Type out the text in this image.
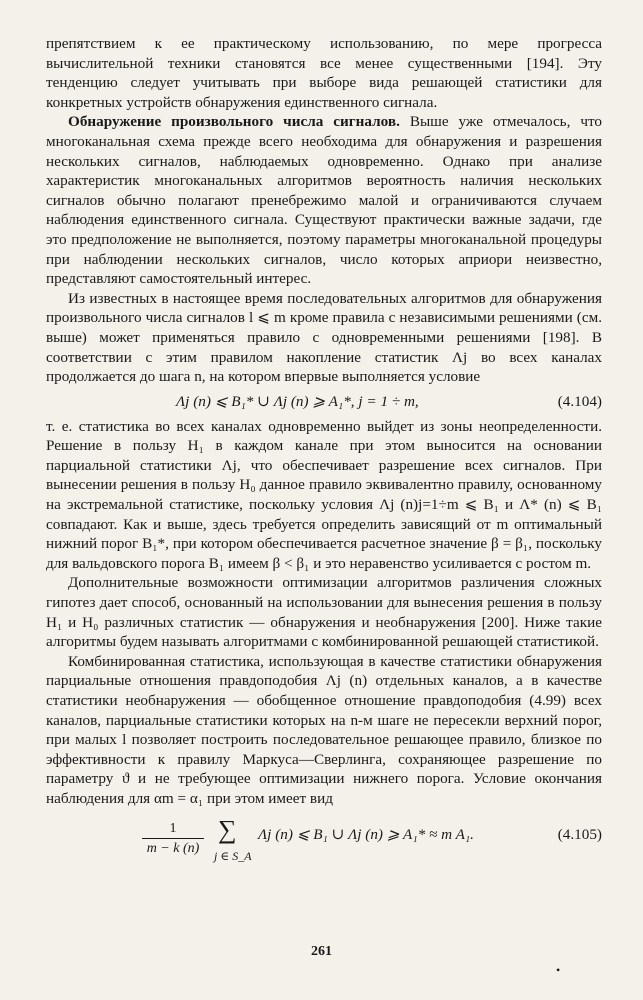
препятствием к ее практическому использованию, по мере прогресса вычислительной техники становятся все менее существенными [194]. Эту тенденцию следует учитывать при выборе вида решающей статистики для конкретных устройств обнаружения единственного сигнала.

Обнаружение произвольного числа сигналов. Выше уже отмечалось, что многоканальная схема прежде всего необходима для обнаружения и разрешения нескольких сигналов, наблюдаемых одновременно. Однако при анализе характеристик многоканальных алгоритмов вероятность наличия нескольких сигналов обычно полагают пренебрежимо малой и ограничиваются случаем наблюдения единственного сигнала. Существуют практически важные задачи, где это предположение не выполняется, поэтому параметры многоканальной процедуры при наблюдении нескольких сигналов, число которых априори неизвестно, представляют самостоятельный интерес.

Из известных в настоящее время последовательных алгоритмов для обнаружения произвольного числа сигналов l ⩽ m кроме правила с независимыми решениями (см. выше) может применяться правило с одновременными решениями [198]. В соответствии с этим правилом накопление статистик Λj во всех каналах продолжается до шага n, на котором впервые выполняется условие

Λj (n) ⩽ B₁* ∪ Λj (n) ⩾ A₁*, j = 1 ÷ m,	(4.104)

т. е. статистика во всех каналах одновременно выйдет из зоны неопределенности. Решение в пользу H₁ в каждом канале при этом выносится на основании парциальной статистики Λj, что обеспечивает разрешение всех сигналов. При вынесении решения в пользу H₀ данное правило эквивалентно правилу, основанному на экстремальной статистике, поскольку условия Λj (n)j=1÷m ⩽ B₁ и Λ* (n) ⩽ B₁ совпадают. Как и выше, здесь требуется определить зависящий от m оптимальный нижний порог B₁*, при котором обеспечивается расчетное значение β = β₁, поскольку для вальдовского порога B₁ имеем β < β₁ и это неравенство усиливается с ростом m.

Дополнительные возможности оптимизации алгоритмов различения сложных гипотез дает способ, основанный на использовании для вынесения решения в пользу H₁ и H₀ различных статистик — обнаружения и необнаружения [200]. Ниже такие алгоритмы будем называть алгоритмами с комбинированной решающей статистикой.

Комбинированная статистика, использующая в качестве статистики обнаружения парциальные отношения правдоподобия Λj (n) отдельных каналов, а в качестве статистики необнаружения — обобщенное отношение правдоподобия (4.99) всех каналов, парциальные статистики которых на n-м шаге не пересекли верхний порог, при малых l позволяет построить последовательное решающее правило, близкое по эффективности к правилу Маркуса—Сверлинга, сохраняющее разрешение по параметру ϑ и не требующее оптимизации нижнего порога. Условие окончания наблюдения для αm = α₁ при этом имеет вид

$\frac{1}{m - k (n)}$ ∑
j ∈ S_A
Λj (n) ⩽ B₁ ∪ Λj (n) ⩾ A₁* ≈ m A₁.	(4.105)
261
•
